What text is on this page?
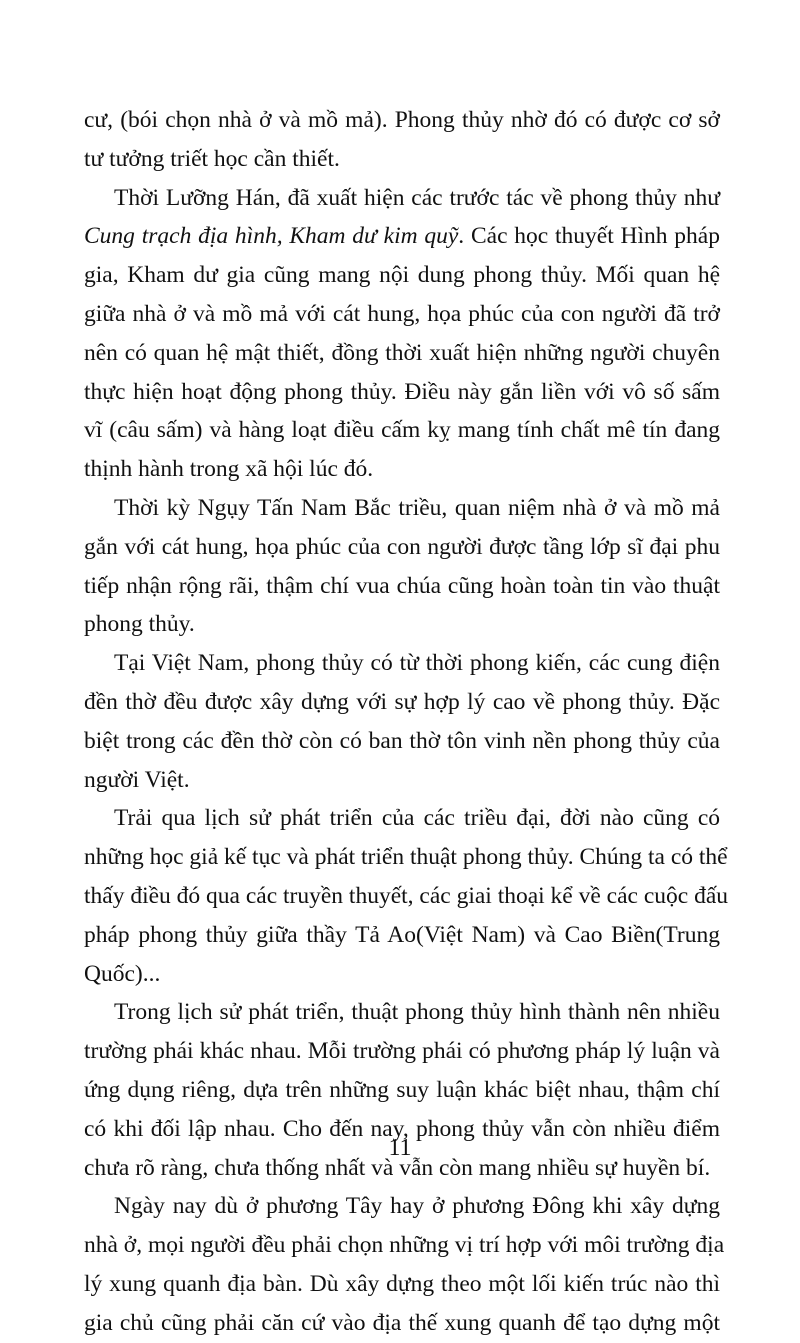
cư, (bói chọn nhà ở và mồ mả). Phong thủy nhờ đó có được cơ sở
tư tưởng triết học cần thiết.
Thời Lưỡng Hán, đã xuất hiện các trước tác về phong thủy như
Cung trạch địa hình, Kham dư kim quỹ. Các học thuyết Hình pháp
gia, Kham dư gia cũng mang nội dung phong thủy. Mối quan hệ
giữa nhà ở và mồ mả với cát hung, họa phúc của con người đã trở
nên có quan hệ mật thiết, đồng thời xuất hiện những người chuyên
thực hiện hoạt động phong thủy. Điều này gắn liền với vô số sấm
vĩ (câu sấm) và hàng loạt điều cấm kỵ mang tính chất mê tín đang
thịnh hành trong xã hội lúc đó.
Thời kỳ Ngụy Tấn Nam Bắc triều, quan niệm nhà ở và mồ mả
gắn với cát hung, họa phúc của con người được tầng lớp sĩ đại phu
tiếp nhận rộng rãi, thậm chí vua chúa cũng hoàn toàn tin vào thuật
phong thủy.
Tại Việt Nam, phong thủy có từ thời phong kiến, các cung điện
đền thờ đều được xây dựng với sự hợp lý cao về phong thủy. Đặc
biệt trong các đền thờ còn có ban thờ tôn vinh nền phong thủy của
người Việt.
Trải qua lịch sử phát triển của các triều đại, đời nào cũng có
những học giả kế tục và phát triển thuật phong thủy. Chúng ta có thể
thấy điều đó qua các truyền thuyết, các giai thoại kể về các cuộc đấu
pháp phong thủy giữa thầy Tả Ao(Việt Nam) và Cao Biền(Trung
Quốc)...
Trong lịch sử phát triển, thuật phong thủy hình thành nên nhiều
trường phái khác nhau. Mỗi trường phái có phương pháp lý luận và
ứng dụng riêng, dựa trên những suy luận khác biệt nhau, thậm chí
có khi đối lập nhau. Cho đến nay, phong thủy vẫn còn nhiều điểm
chưa rõ ràng, chưa thống nhất và vẫn còn mang nhiều sự huyền bí.
Ngày nay dù ở phương Tây hay ở phương Đông khi xây dựng
nhà ở, mọi người đều phải chọn những vị trí hợp với môi trường địa
lý xung quanh địa bàn. Dù xây dựng theo một lối kiến trúc nào thì
gia chủ cũng phải căn cứ vào địa thế xung quanh để tạo dựng một
11
